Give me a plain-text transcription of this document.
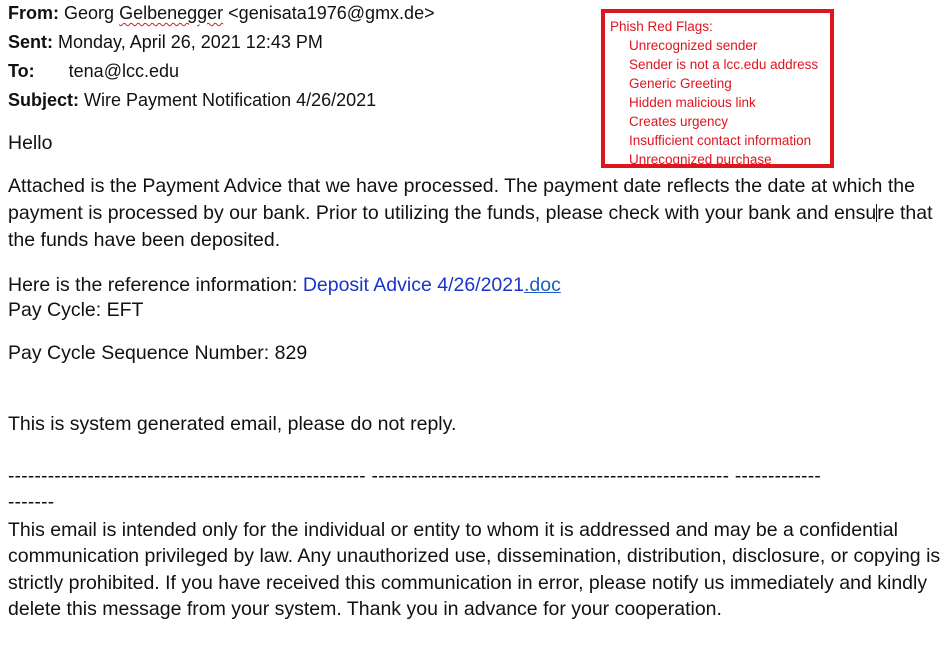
From: Georg Gelbenegger <genisata1976@gmx.de>
Sent: Monday, April 26, 2021 12:43 PM
To: tena@lcc.edu
Subject: Wire Payment Notification 4/26/2021
Phish Red Flags:
Unrecognized sender
Sender is not a lcc.edu address
Generic Greeting
Hidden malicious link
Creates urgency
Insufficient contact information
Unrecognized purchase
Hello
Attached is the Payment Advice that we have processed. The payment date reflects the date at which the payment is processed by our bank. Prior to utilizing the funds, please check with your bank and ensure that the funds have been deposited.
Here is the reference information: Deposit Advice 4/26/2021.doc
Pay Cycle: EFT
Pay Cycle Sequence Number: 829
This is system generated email, please do not reply.
------------------------------------------------------ ------------------------------------------------------ -------------
-------
This email is intended only for the individual or entity to whom it is addressed and may be a confidential communication privileged by law. Any unauthorized use, dissemination, distribution, disclosure, or copying is strictly prohibited. If you have received this communication in error, please notify us immediately and kindly delete this message from your system. Thank you in advance for your cooperation.
